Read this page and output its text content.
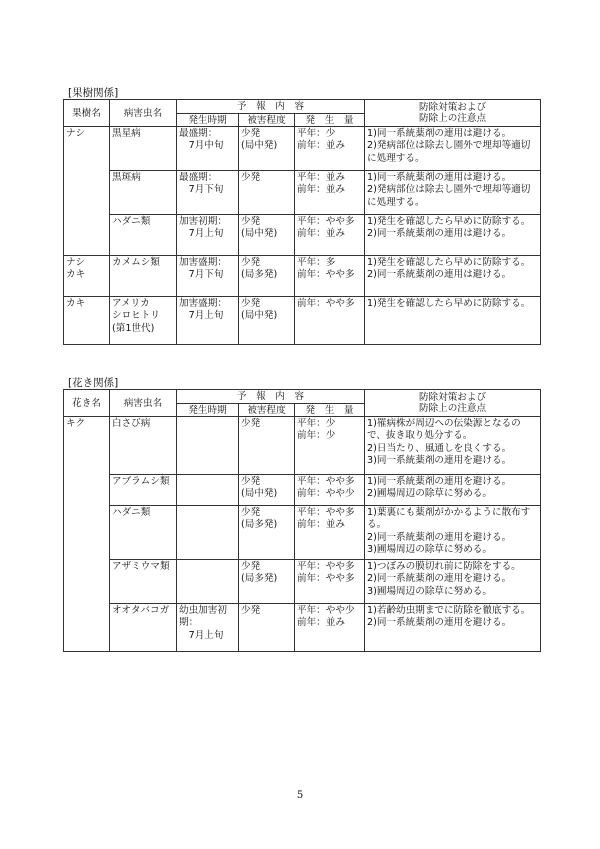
[果樹関係]
果樹名	病害虫名	予　報　内　容			防除対策および
防除上の注意点
		発生時期	被害程度	発　生　量	
ナシ	黒星病	最盛期：
　7月中旬	少発
(局中発)	平年：少
前年：並み	1)同一系統薬剤の連用は避ける。
2)発病部位は除去し園外で埋却等適切に処理する。
	黒斑病	最盛期：
　7月下旬	少発	平年：並み
前年：並み	1)同一系統薬剤の連用は避ける。
2)発病部位は除去し園外で埋却等適切に処理する。
	ハダニ類	加害初期：
　7月上旬	少発
(局中発)	平年：やや多
前年：並み	1)発生を確認したら早めに防除する。
2)同一系統薬剤の連用は避ける。
ナシ
カキ	カメムシ類	加害盛期：
　7月下旬	少発
(局多発)	平年：多
前年：やや多	1)発生を確認したら早めに防除する。
2)同一系統薬剤の連用は避ける。
カキ	アメリカ
シロヒトリ
(第1世代)	加害盛期：
　7月上旬	少発
(局中発)	前年：やや多	1)発生を確認したら早めに防除する。
[花き関係]
花き名	病害虫名	予　報　内　容			防除対策および
防除上の注意点
		発生時期	被害程度	発　生　量	
キク	白さび病		少発	平年：少
前年：少	1)罹病株が周辺への伝染源となるので、抜き取り処分する。
2)日当たり、風通しを良くする。
3)同一系統薬剤の連用を避ける。
	アブラムシ類		少発
(局中発)	平年：やや多
前年：やや少	1)同一系統薬剤の連用を避ける。
2)圃場周辺の除草に努める。
	ハダニ類		少発
(局多発)	平年：やや多
前年：並み	1)葉裏にも薬剤がかかるように散布する。
2)同一系統薬剤の連用を避ける。
3)圃場周辺の除草に努める。
	アザミウマ類		少発
(局多発)	平年：やや多
前年：やや多	1)つぼみの膜切れ前に防除をする。
2)同一系統薬剤の連用を避ける。
3)圃場周辺の除草に努める。
	オオタバコガ	幼虫加害初期：
　7月上旬	少発	平年：やや少
前年：並み	1)若齢幼虫期までに防除を徹底する。
2)同一系統薬剤の連用を避ける。
5
